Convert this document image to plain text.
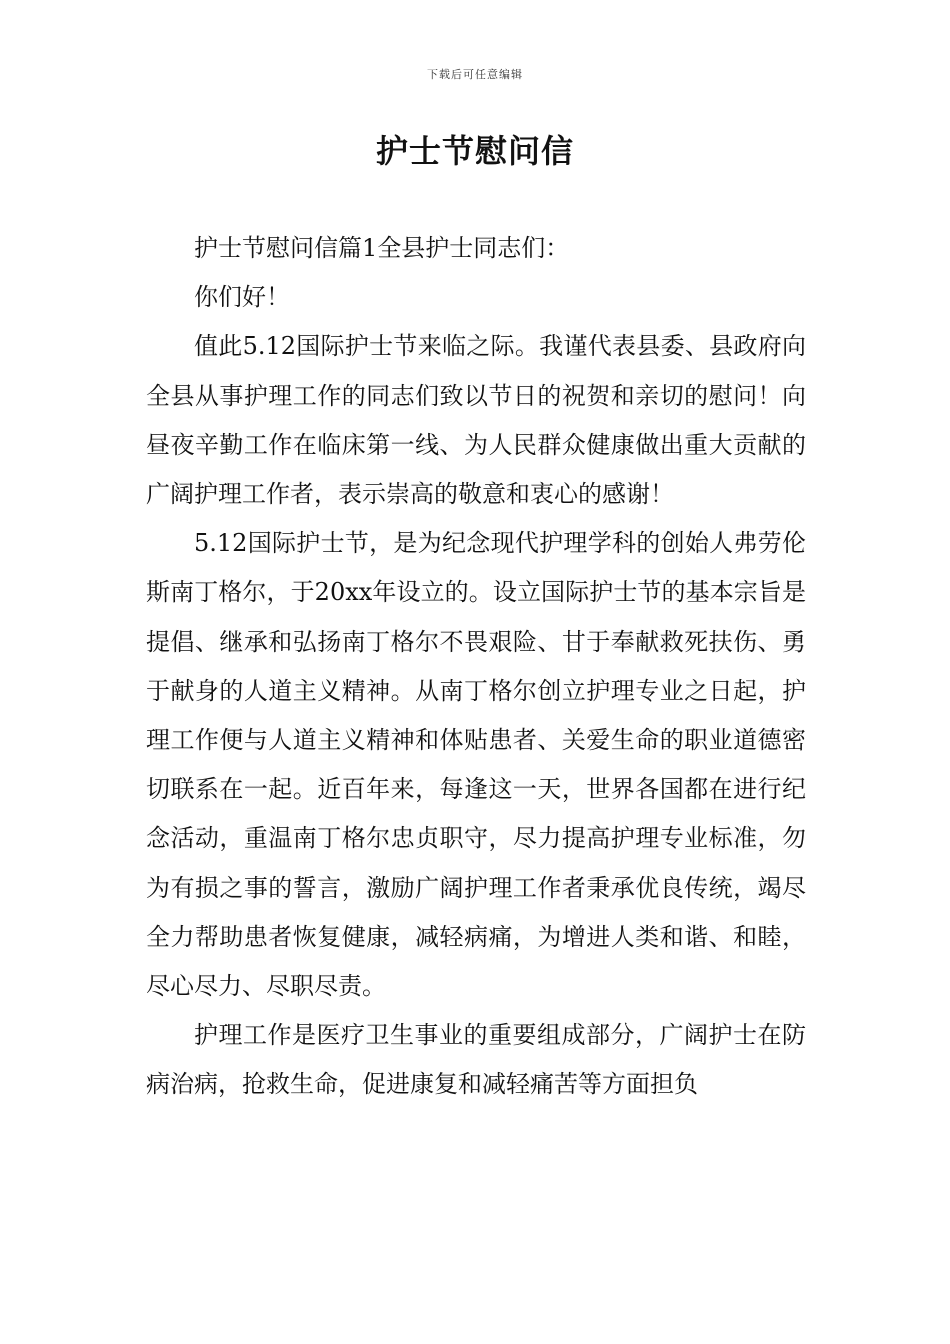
下载后可任意编辑
护士节慰问信

护士节慰问信篇1全县护士同志们：

你们好！

值此5.12国际护士节来临之际。我谨代表县委、县政府向全县从事护理工作的同志们致以节日的祝贺和亲切的慰问！向昼夜辛勤工作在临床第一线、为人民群众健康做出重大贡献的广阔护理工作者，表示崇高的敬意和衷心的感谢！

5.12国际护士节，是为纪念现代护理学科的创始人弗劳伦斯南丁格尔，于20xx年设立的。设立国际护士节的基本宗旨是提倡、继承和弘扬南丁格尔不畏艰险、甘于奉献救死扶伤、勇于献身的人道主义精神。从南丁格尔创立护理专业之日起，护理工作便与人道主义精神和体贴患者、关爱生命的职业道德密切联系在一起。近百年来，每逢这一天，世界各国都在进行纪念活动，重温南丁格尔忠贞职守，尽力提高护理专业标准，勿为有损之事的誓言，激励广阔护理工作者秉承优良传统，竭尽全力帮助患者恢复健康，减轻病痛，为增进人类和谐、和睦，尽心尽力、尽职尽责。

护理工作是医疗卫生事业的重要组成部分，广阔护士在防病治病，抢救生命，促进康复和减轻痛苦等方面担负
